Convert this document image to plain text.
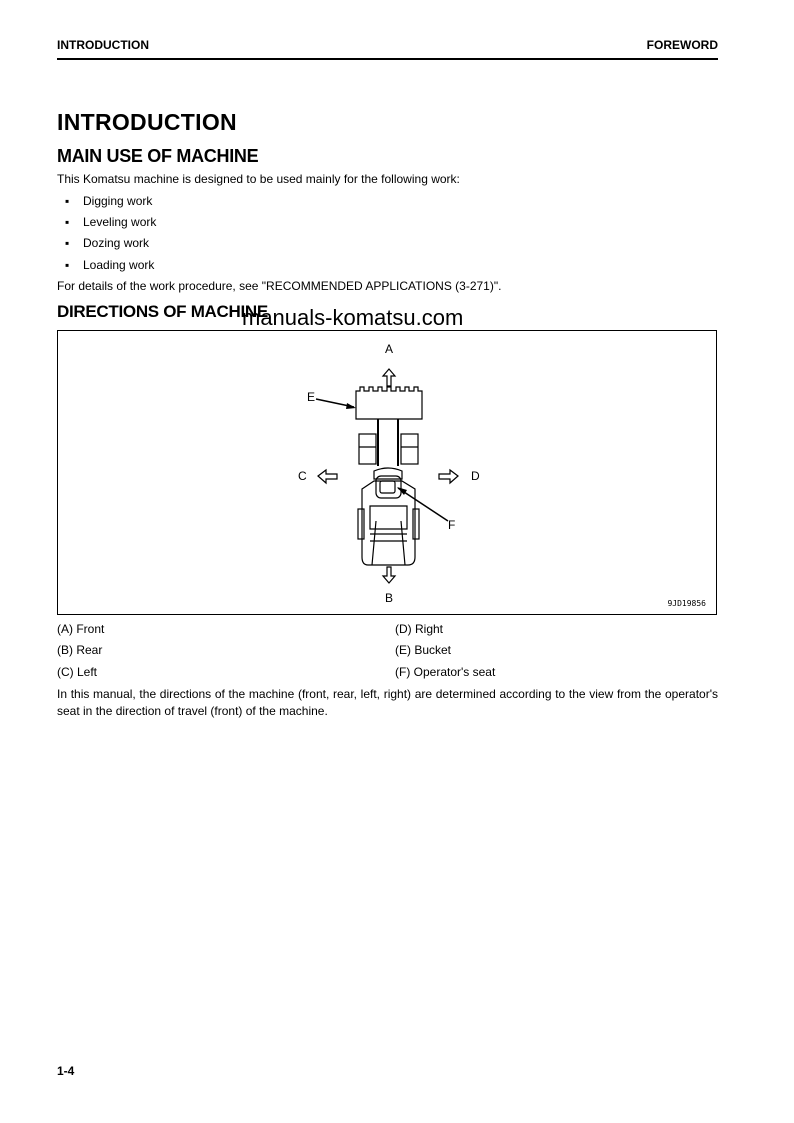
INTRODUCTION	FOREWORD
INTRODUCTION
MAIN USE OF MACHINE
This Komatsu machine is designed to be used mainly for the following work:
▪ Digging work
▪ Leveling work
▪ Dozing work
▪ Loading work
For details of the work procedure, see "RECOMMENDED APPLICATIONS (3-271)".
DIRECTIONS OF MACHINE
manuals-komatsu.com
A
B
C	D
E
F
9JD19856
(A) Front
(B) Rear
(C) Left
(D) Right
(E) Bucket
(F) Operator's seat
In this manual, the directions of the machine (front, rear, left, right) are determined according to the view from the operator's seat in the direction of travel (front) of the machine.
1-4
